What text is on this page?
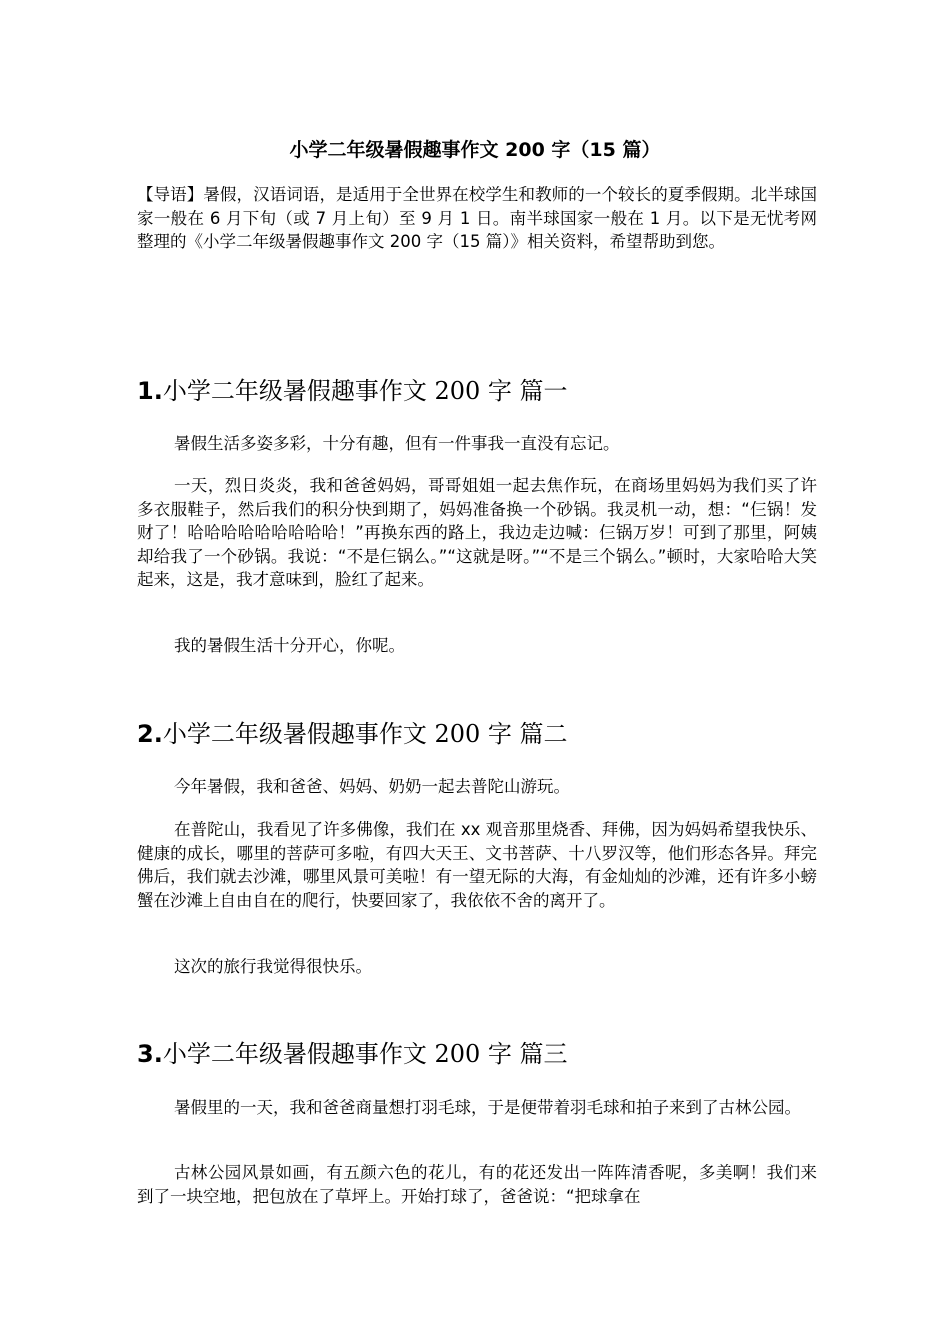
小学二年级暑假趣事作文 200 字（15 篇）
【导语】暑假，汉语词语，是适用于全世界在校学生和教师的一个较长的夏季假期。北半球国家一般在 6 月下旬（或 7 月上旬）至 9 月 1 日。南半球国家一般在 1 月。以下是无忧考网整理的《小学二年级暑假趣事作文 200 字（15 篇）》相关资料，希望帮助到您。
1.小学二年级暑假趣事作文 200 字 篇一
暑假生活多姿多彩，十分有趣，但有一件事我一直没有忘记。
一天，烈日炎炎，我和爸爸妈妈，哥哥姐姐一起去焦作玩，在商场里妈妈为我们买了许多衣服鞋子，然后我们的积分快到期了，妈妈准备换一个砂锅。我灵机一动，想：“仨锅！发财了！哈哈哈哈哈哈哈哈哈！”再换东西的路上，我边走边喊：仨锅万岁！可到了那里，阿姨却给我了一个砂锅。我说：“不是仨锅么。”“这就是呀。”“不是三个锅么。”顿时，大家哈哈大笑起来，这是，我才意味到，脸红了起来。
我的暑假生活十分开心，你呢。
2.小学二年级暑假趣事作文 200 字 篇二
今年暑假，我和爸爸、妈妈、奶奶一起去普陀山游玩。
在普陀山，我看见了许多佛像，我们在 xx 观音那里烧香、拜佛，因为妈妈希望我快乐、健康的成长，哪里的菩萨可多啦，有四大天王、文书菩萨、十八罗汉等，他们形态各异。拜完佛后，我们就去沙滩，哪里风景可美啦！有一望无际的大海，有金灿灿的沙滩，还有许多小螃蟹在沙滩上自由自在的爬行，快要回家了，我依依不舍的离开了。
这次的旅行我觉得很快乐。
3.小学二年级暑假趣事作文 200 字 篇三
暑假里的一天，我和爸爸商量想打羽毛球，于是便带着羽毛球和拍子来到了古林公园。
古林公园风景如画，有五颜六色的花儿，有的花还发出一阵阵清香呢，多美啊！我们来到了一块空地，把包放在了草坪上。开始打球了，爸爸说：“把球拿在
